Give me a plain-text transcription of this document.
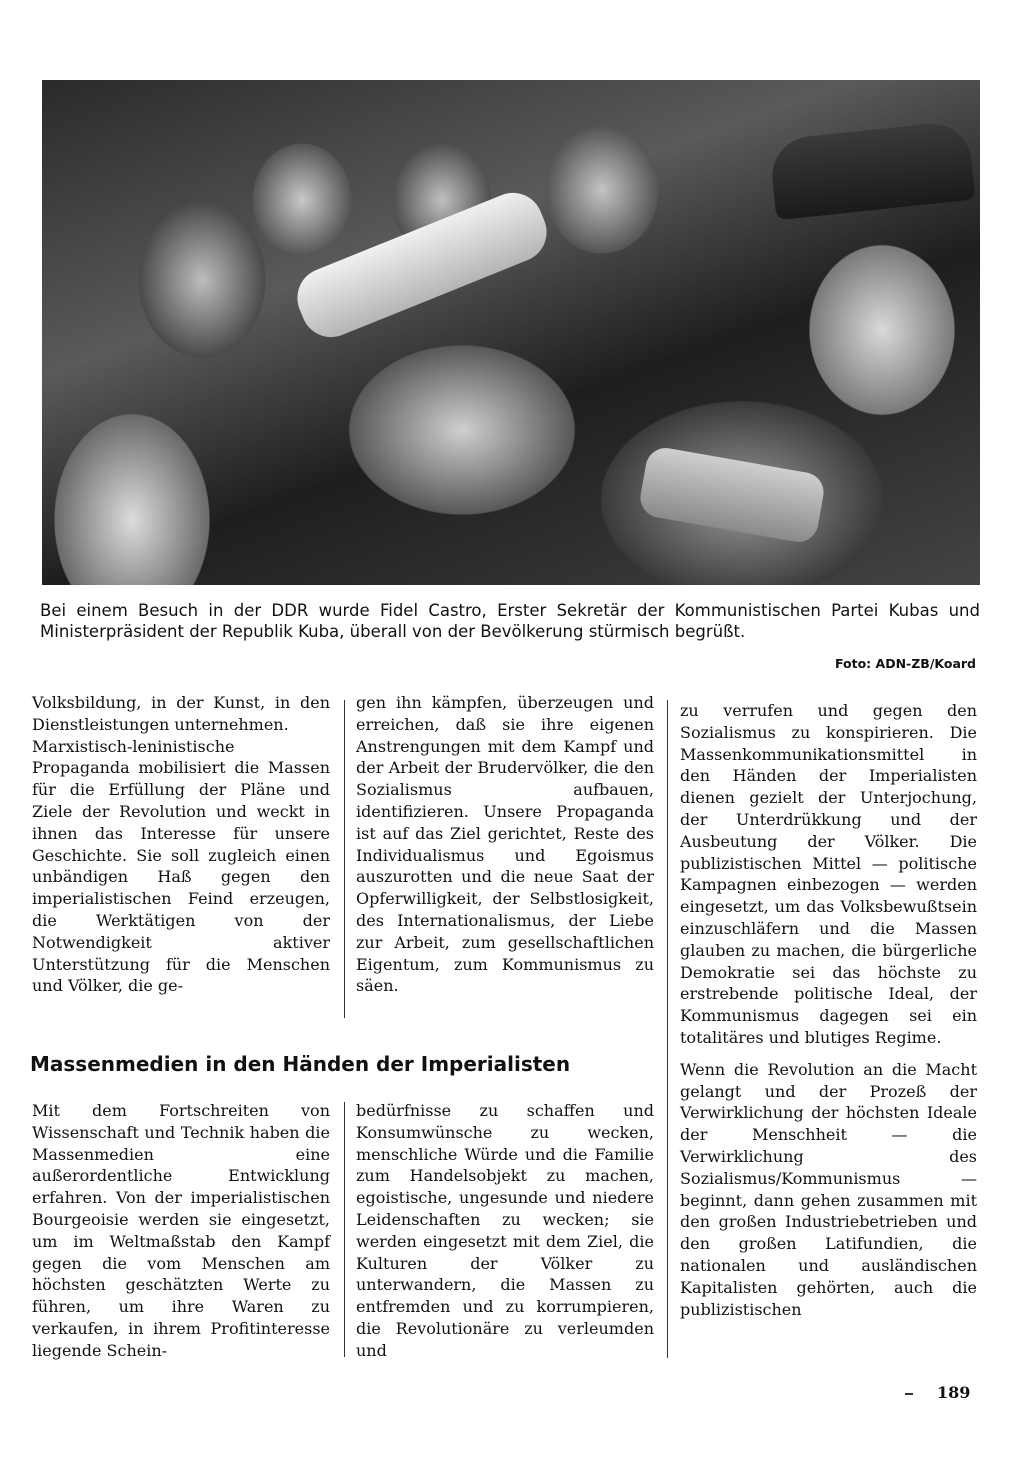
Bei einem Besuch in der DDR wurde Fidel Castro, Erster Sekretär der Kommunistischen Partei Kubas und Ministerpräsident der Republik Kuba, überall von der Bevölkerung stürmisch begrüßt.
Foto: ADN-ZB/Koard

Volksbildung, in der Kunst, in den Dienstleistungen unternehmen.

Marxistisch-leninistische Propaganda mobilisiert die Massen für die Erfüllung der Pläne und Ziele der Revolution und weckt in ihnen das Interesse für unsere Geschichte. Sie soll zugleich einen unbändigen Haß gegen den imperialistischen Feind erzeugen, die Werktätigen von der Notwendigkeit aktiver Unterstützung für die Menschen und Völker, die ge-

gen ihn kämpfen, überzeugen und erreichen, daß sie ihre eigenen Anstrengungen mit dem Kampf und der Arbeit der Brudervölker, die den Sozialismus aufbauen, identifizieren. Unsere Propaganda ist auf das Ziel gerichtet, Reste des Individualismus und Egoismus auszurotten und die neue Saat der Opferwilligkeit, der Selbstlosigkeit, des Internationalismus, der Liebe zur Arbeit, zum gesellschaftlichen Eigentum, zum Kommunismus zu säen.

Massenmedien in den Händen der Imperialisten

Mit dem Fortschreiten von Wissenschaft und Technik haben die Massenmedien eine außerordentliche Entwicklung erfahren. Von der imperialistischen Bourgeoisie werden sie eingesetzt, um im Weltmaßstab den Kampf gegen die vom Menschen am höchsten geschätzten Werte zu führen, um ihre Waren zu verkaufen, in ihrem Profitinteresse liegende Schein-

bedürfnisse zu schaffen und Konsumwünsche zu wecken, menschliche Würde und die Familie zum Handelsobjekt zu machen, egoistische, ungesunde und niedere Leidenschaften zu wecken; sie werden eingesetzt mit dem Ziel, die Kulturen der Völker zu unterwandern, die Massen zu entfremden und zu korrumpieren, die Revolutionäre zu verleumden und

zu verrufen und gegen den Sozialismus zu konspirieren. Die Massenkommunikationsmittel in den Händen der Imperialisten dienen gezielt der Unterjochung, der Unterdrükkung und der Ausbeutung der Völker. Die publizistischen Mittel — politische Kampagnen einbezogen — werden eingesetzt, um das Volksbewußtsein einzuschläfern und die Massen glauben zu machen, die bürgerliche Demokratie sei das höchste zu erstrebende politische Ideal, der Kommunismus dagegen sei ein totalitäres und blutiges Regime.

Wenn die Revolution an die Macht gelangt und der Prozeß der Verwirklichung der höchsten Ideale der Menschheit — die Verwirklichung des Sozialismus/Kommunismus — beginnt, dann gehen zusammen mit den großen Industriebetrieben und den großen Latifundien, die nationalen und ausländischen Kapitalisten gehörten, auch die publizistischen

189
